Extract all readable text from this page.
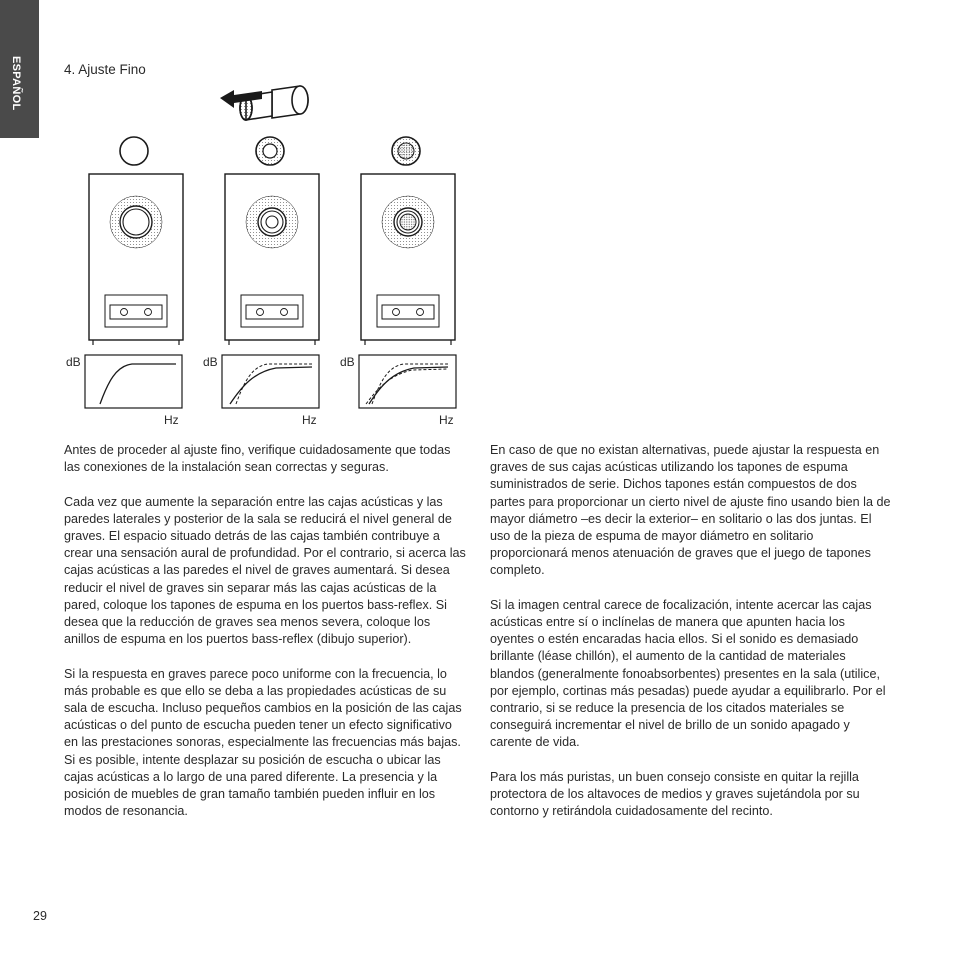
ESPAÑOL	4. Ajuste Fino
dB
Hz
dB
Hz
dB
Hz

Antes de proceder al ajuste fino, verifique cuidadosamente que todas las conexiones de la instalación sean correctas y seguras.

Cada vez que aumente la separación entre las cajas acústicas y las paredes laterales y posterior de la sala se reducirá el nivel general de graves. El espacio situado detrás de las cajas también contribuye a crear una sensación aural de profundidad. Por el contrario, si acerca las cajas acústicas a las paredes el nivel de graves aumentará. Si desea reducir el nivel de graves sin separar más las cajas acústicas de la pared, coloque los tapones de espuma en los puertos bass-reflex. Si desea que la reducción de graves sea menos severa, coloque los anillos de espuma en los puertos bass-reflex (dibujo superior).

Si la respuesta en graves parece poco uniforme con la frecuencia, lo más probable es que ello se deba a las propiedades acústicas de su sala de escucha. Incluso pequeños cambios en la posición de las cajas acústicas o del punto de escucha pueden tener un efecto significativo en las prestaciones sonoras, especialmente las frecuencias más bajas. Si es posible, intente desplazar su posición de escucha o ubicar las cajas acústicas a lo largo de una pared diferente. La presencia y la posición de muebles de gran tamaño también pueden influir en los modos de resonancia.

En caso de que no existan alternativas, puede ajustar la respuesta en graves de sus cajas acústicas utilizando los tapones de espuma suministrados de serie. Dichos tapones están compuestos de dos partes para proporcionar un cierto nivel de ajuste fino usando bien la de mayor diámetro –es decir la exterior– en solitario o las dos juntas. El uso de la pieza de espuma de mayor diámetro en solitario proporcionará menos atenuación de graves que el juego de tapones completo.

Si la imagen central carece de focalización, intente acercar las cajas acústicas entre sí o inclínelas de manera que apunten hacia los oyentes o estén encaradas hacia ellos. Si el sonido es demasiado brillante (léase chillón), el aumento de la cantidad de materiales blandos (generalmente fonoabsorbentes) presentes en la sala (utilice, por ejemplo, cortinas más pesadas) puede ayudar a equilibrarlo. Por el contrario, si se reduce la presencia de los citados materiales se conseguirá incrementar el nivel de brillo de un sonido apagado y carente de vida.

Para los más puristas, un buen consejo consiste en quitar la rejilla protectora de los altavoces de medios y graves sujetándola por su contorno y retirándola cuidadosamente del recinto.

29
